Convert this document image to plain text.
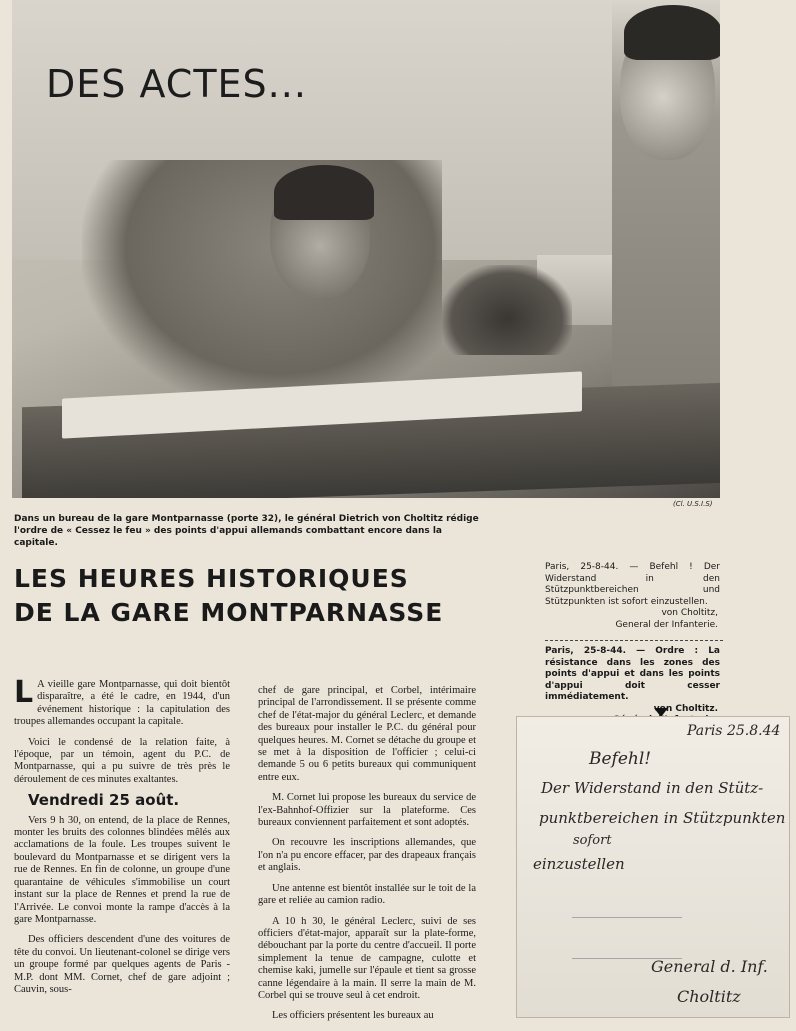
DES ACTES...
(Cl. U.S.I.S)

Dans un bureau de la gare Montparnasse (porte 32), le général Dietrich von Choltitz rédige l'ordre de « Cessez le feu » des points d'appui allemands combattant encore dans la capitale.

LES HEURES HISTORIQUES
DE LA GARE MONTPARNASSE

L A vieille gare Montparnasse, qui doit bientôt disparaître, a été le cadre, en 1944, d'un événement historique : la capitulation des troupes allemandes occupant la capitale.

Voici le condensé de la relation faite, à l'époque, par un témoin, agent du P.C. de Montparnasse, qui a pu suivre de très près le déroulement de ces minutes exaltantes.

Vendredi 25 août.

Vers 9 h 30, on entend, de la place de Rennes, monter les bruits des colonnes blindées mêlés aux acclamations de la foule. Les troupes suivent le boulevard du Montparnasse et se dirigent vers la rue de Rennes. En fin de colonne, un groupe d'une quarantaine de véhicules s'immobilise un court instant sur la place de Rennes et prend la rue de l'Arrivée. Le convoi monte la rampe d'accès à la gare Montparnasse.

Des officiers descendent d'une des voitures de tête du convoi. Un lieutenant-colonel se dirige vers un groupe formé par quelques agents de Paris - M.P. dont MM. Cornet, chef de gare adjoint ; Cauvin, sous-

chef de gare principal, et Corbel, intérimaire principal de l'arrondissement. Il se présente comme chef de l'état-major du général Leclerc, et demande des bureaux pour installer le P.C. du général pour quelques heures. M. Cornet se détache du groupe et se met à la disposition de l'officier ; celui-ci demande 5 ou 6 petits bureaux qui communiquent entre eux.

M. Cornet lui propose les bureaux du service de l'ex-Bahnhof-Offizier sur la plateforme. Ces bureaux conviennent parfaitement et sont adoptés.

On recouvre les inscriptions allemandes, que l'on n'a pu encore effacer, par des drapeaux français et anglais.

Une antenne est bientôt installée sur le toit de la gare et reliée au camion radio.

A 10 h 30, le général Leclerc, suivi de ses officiers d'état-major, apparaît sur la plate-forme, débouchant par la porte du centre d'accueil. Il porte simplement la tenue de campagne, culotte et chemise kaki, jumelle sur l'épaule et tient sa grosse canne légendaire à la main. Il serre la main de M. Corbel qui se trouve seul à cet endroit.

Les officiers présentent les bureaux au

Paris, 25-8-44. — Befehl ! Der Widerstand in den Stützpunktbereichen und Stützpunkten ist sofort einzustellen.

von Choltitz,
General der Infanterie.

Paris, 25-8-44. — Ordre : La résistance dans les zones des points d'appui et dans les points d'appui doit cesser immédiatement.

von Choltitz.
Paris 25.8.44
Befehl!
Der Widerstand in den Stütz-
punktbereichen in Stützpunkten
sofort
einzustellen
General d. Inf.
Choltitz
